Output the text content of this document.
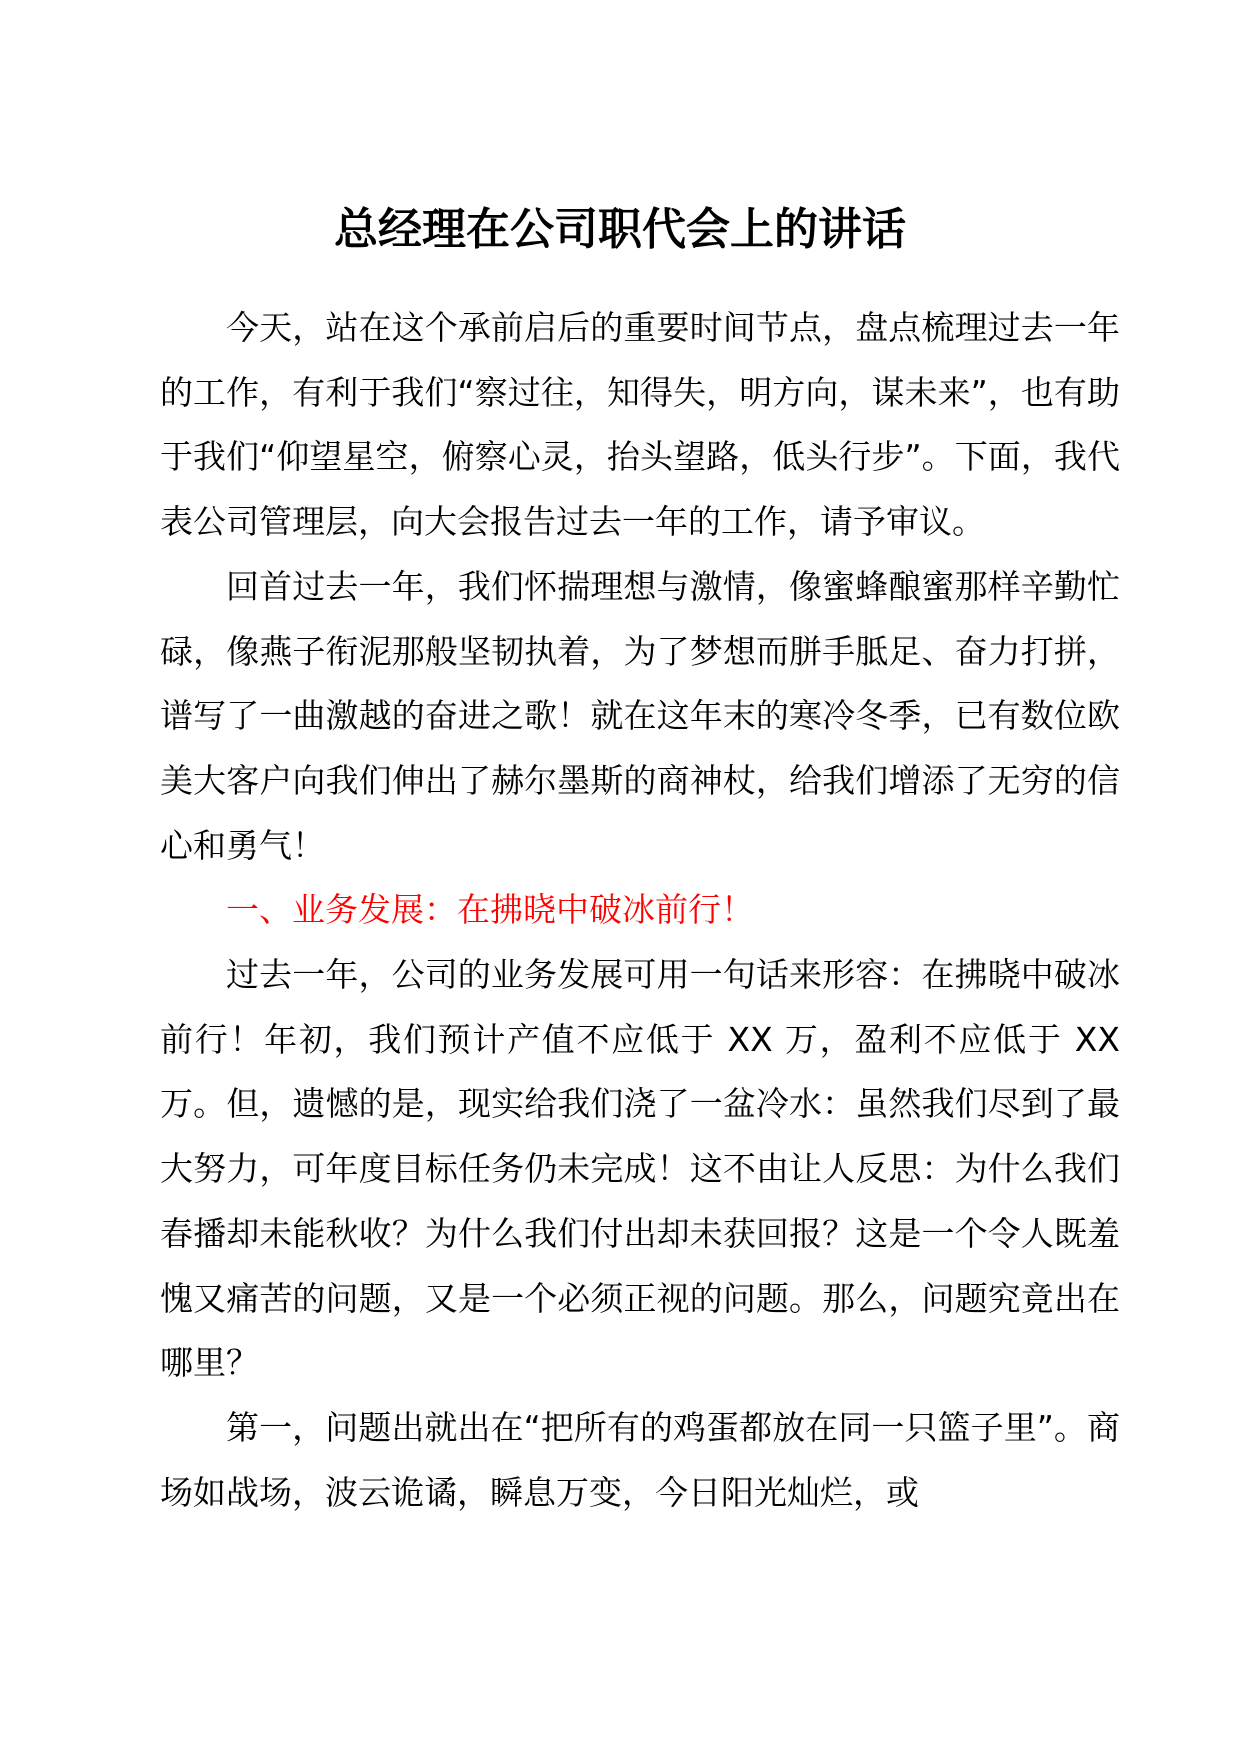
总经理在公司职代会上的讲话

今天，站在这个承前启后的重要时间节点，盘点梳理过去一年的工作，有利于我们“察过往，知得失，明方向，谋未来”，也有助于我们“仰望星空，俯察心灵，抬头望路，低头行步”。下面，我代表公司管理层，向大会报告过去一年的工作，请予审议。

回首过去一年，我们怀揣理想与激情，像蜜蜂酿蜜那样辛勤忙碌，像燕子衔泥那般坚韧执着，为了梦想而胼手胝足、奋力打拼，谱写了一曲激越的奋进之歌！就在这年末的寒冷冬季，已有数位欧美大客户向我们伸出了赫尔墨斯的商神杖，给我们增添了无穷的信心和勇气！

一、业务发展：在拂晓中破冰前行！

过去一年，公司的业务发展可用一句话来形容：在拂晓中破冰前行！年初，我们预计产值不应低于 XX 万，盈利不应低于 XX 万。但，遗憾的是，现实给我们浇了一盆冷水：虽然我们尽到了最大努力，可年度目标任务仍未完成！这不由让人反思：为什么我们春播却未能秋收？为什么我们付出却未获回报？这是一个令人既羞愧又痛苦的问题，又是一个必须正视的问题。那么，问题究竟出在哪里？

第一，问题出就出在“把所有的鸡蛋都放在同一只篮子里”。商场如战场，波云诡谲，瞬息万变，今日阳光灿烂，或
